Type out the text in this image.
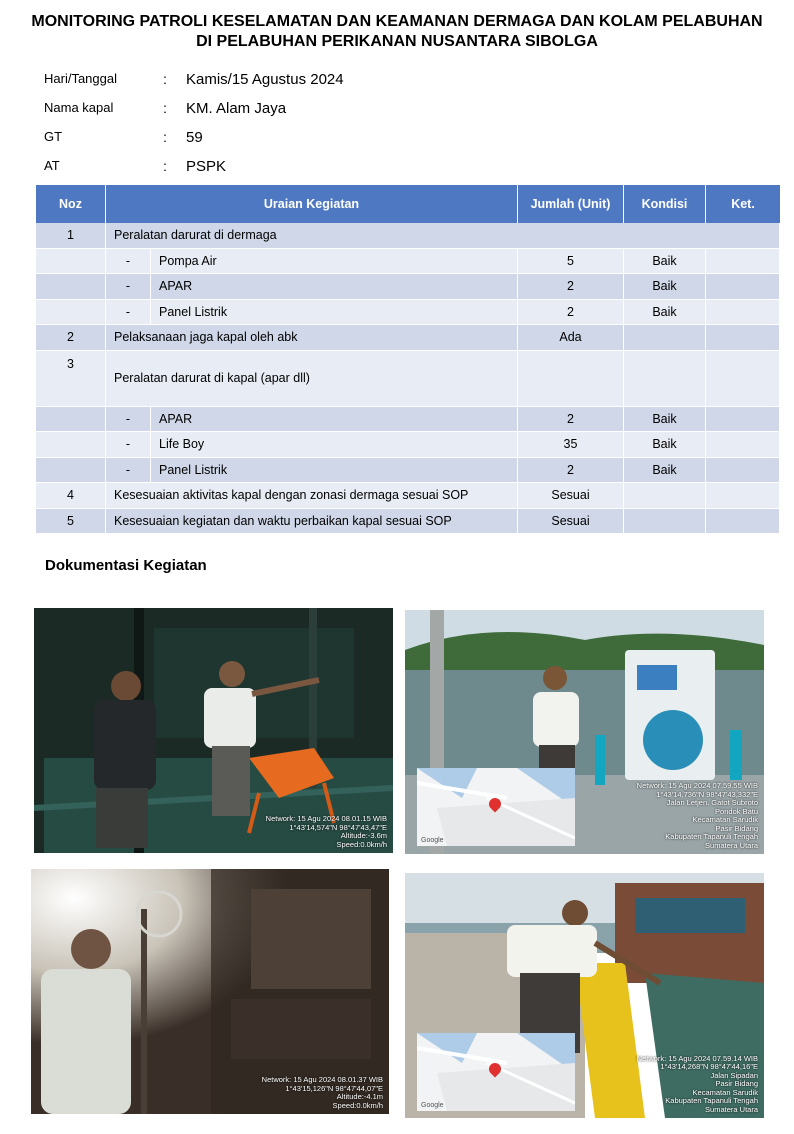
MONITORING PATROLI KESELAMATAN DAN KEAMANAN DERMAGA DAN KOLAM PELABUHAN
DI PELABUHAN PERIKANAN NUSANTARA SIBOLGA
Hari/Tanggal	: Kamis/15 Agustus 2024
Nama kapal	: KM. Alam Jaya
GT	: 59
AT	: PSPK
Noz	Uraian Kegiatan		Jumlah (Unit)	Kondisi	Ket.
1	Peralatan darurat di dermaga				
	-	Pompa Air	5	Baik	
	-	APAR	2	Baik	
	-	Panel Listrik	2	Baik	
2	Pelaksanaan jaga kapal oleh abk		Ada		
3	Peralatan darurat di kapal (apar dll)				
	-	APAR	2	Baik	
	-	Life Boy	35	Baik	
	-	Panel Listrik	2	Baik	
4	Kesesuaian aktivitas kapal dengan zonasi dermaga sesuai SOP		Sesuai		
5	Kesesuaian kegiatan dan waktu perbaikan kapal sesuai SOP		Sesuai		
Dokumentasi Kegiatan
Network: 15 Agu 2024 08.01.15 WIB
1°43'14,574"N 98°47'43,47"E
Altitude:-3.6m
Speed:0.0km/h	Google
Network: 15 Agu 2024 07.59.55 WIB
1°43'14,736"N 98°47'43,332"E
Jalan Letjen. Gatot Subroto
Pondok Batu
Kecamatan Sarudik
Pasir Bidang
Kabupaten Tapanuli Tengah
Sumatera Utara
Network: 15 Agu 2024 08.01.37 WIB
1°43'15,126"N 98°47'44,07"E
Altitude:-4.1m
Speed:0.0km/h	Google
Network: 15 Agu 2024 07.59.14 WIB
1°43'14,268"N 98°47'44,16"E
Jalan Sipadan
Pasir Bidang
Kecamatan Sarudik
Kabupaten Tapanuli Tengah
Sumatera Utara
